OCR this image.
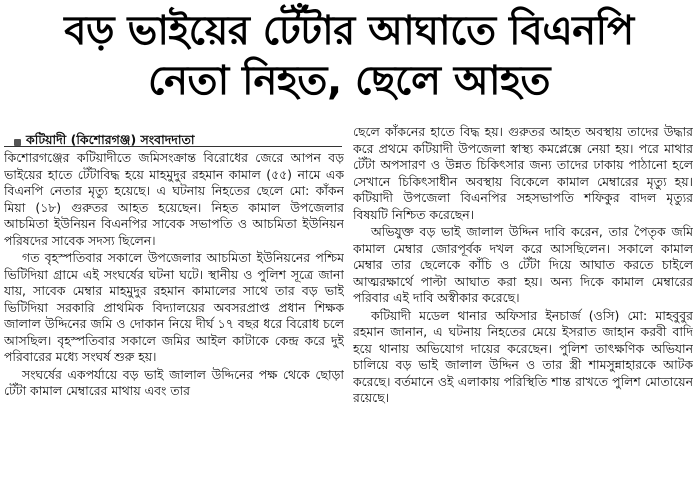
বড় ভাইয়ের টেঁটার আঘাতে বিএনপি
নেতা নিহত, ছেলে আহত
কটিয়াদী (কিশোরগঞ্জ) সংবাদদাতা

কিশোরগঞ্জের কটিয়াদীতে জমিসংক্রান্ত বিরোধের জেরে আপন বড় ভাইয়ের হাতে টেঁটাবিদ্ধ হয়ে মাহমুদুর রহমান কামাল (৫৫) নামে এক বিএনপি নেতার মৃত্যু হয়েছে। এ ঘটনায় নিহতের ছেলে মো: কাঁকন মিয়া (১৮) গুরুতর আহত হয়েছেন। নিহত কামাল উপজেলার আচমিতা ইউনিয়ন বিএনপির সাবেক সভাপতি ও আচমিতা ইউনিয়ন পরিষদের সাবেক সদস্য ছিলেন।

গত বৃহস্পতিবার সকালে উপজেলার আচমিতা ইউনিয়নের পশ্চিম ভিটিদিয়া গ্রামে এই সংঘর্ষের ঘটনা ঘটে। স্থানীয় ও পুলিশ সূত্রে জানা যায়, সাবেক মেম্বার মাহমুদুর রহমান কামালের সাথে তার বড় ভাই ভিটিদিয়া সরকারি প্রাথমিক বিদ্যালয়ের অবসরপ্রাপ্ত প্রধান শিক্ষক জালাল উদ্দিনের জমি ও দোকান নিয়ে দীর্ঘ ১৭ বছর ধরে বিরোধ চলে আসছিল। বৃহস্পতিবার সকালে জমির আইল কাটাকে কেন্দ্র করে দুই পরিবারের মধ্যে সংঘর্ষ শুরু হয়।

সংঘর্ষের একপর্যায়ে বড় ভাই জালাল উদ্দিনের পক্ষ থেকে ছোড়া টেঁটা কামাল মেম্বারের মাথায় এবং তার

ছেলে কাঁকনের হাতে বিদ্ধ হয়। গুরুতর আহত অবস্থায় তাদের উদ্ধার করে প্রথমে কটিয়াদী উপজেলা স্বাস্থ্য কমপ্লেক্সে নেয়া হয়। পরে মাথার টেঁটা অপসারণ ও উন্নত চিকিৎসার জন্য তাদের ঢাকায় পাঠানো হলে সেখানে চিকিৎসাধীন অবস্থায় বিকেলে কামাল মেম্বারের মৃত্যু হয়। কটিয়াদী উপজেলা বিএনপির সহসভাপতি শফিকুর বাদল মৃত্যুর বিষয়টি নিশ্চিত করেছেন।

অভিযুক্ত বড় ভাই জালাল উদ্দিন দাবি করেন, তার পৈতৃক জমি কামাল মেম্বার জোরপূর্বক দখল করে আসছিলেন। সকালে কামাল মেম্বার তার ছেলেকে কাঁচি ও টেঁটা দিয়ে আঘাত করতে চাইলে আত্মরক্ষার্থে পাল্টা আঘাত করা হয়। অন্য দিকে কামাল মেম্বারের পরিবার এই দাবি অস্বীকার করেছে।

কটিয়াদী মডেল থানার অফিসার ইনচার্জ (ওসি) মো: মাহবুবুর রহমান জানান, এ ঘটনায় নিহতের মেয়ে ইসরাত জাহান করবী বাদি হয়ে থানায় অভিযোগ দায়ের করেছেন। পুলিশ তাৎক্ষণিক অভিযান চালিয়ে বড় ভাই জালাল উদ্দিন ও তার স্ত্রী শামসুন্নাহারকে আটক করেছে। বর্তমানে ওই এলাকায় পরিস্থিতি শান্ত রাখতে পুলিশ মোতায়েন রয়েছে।
